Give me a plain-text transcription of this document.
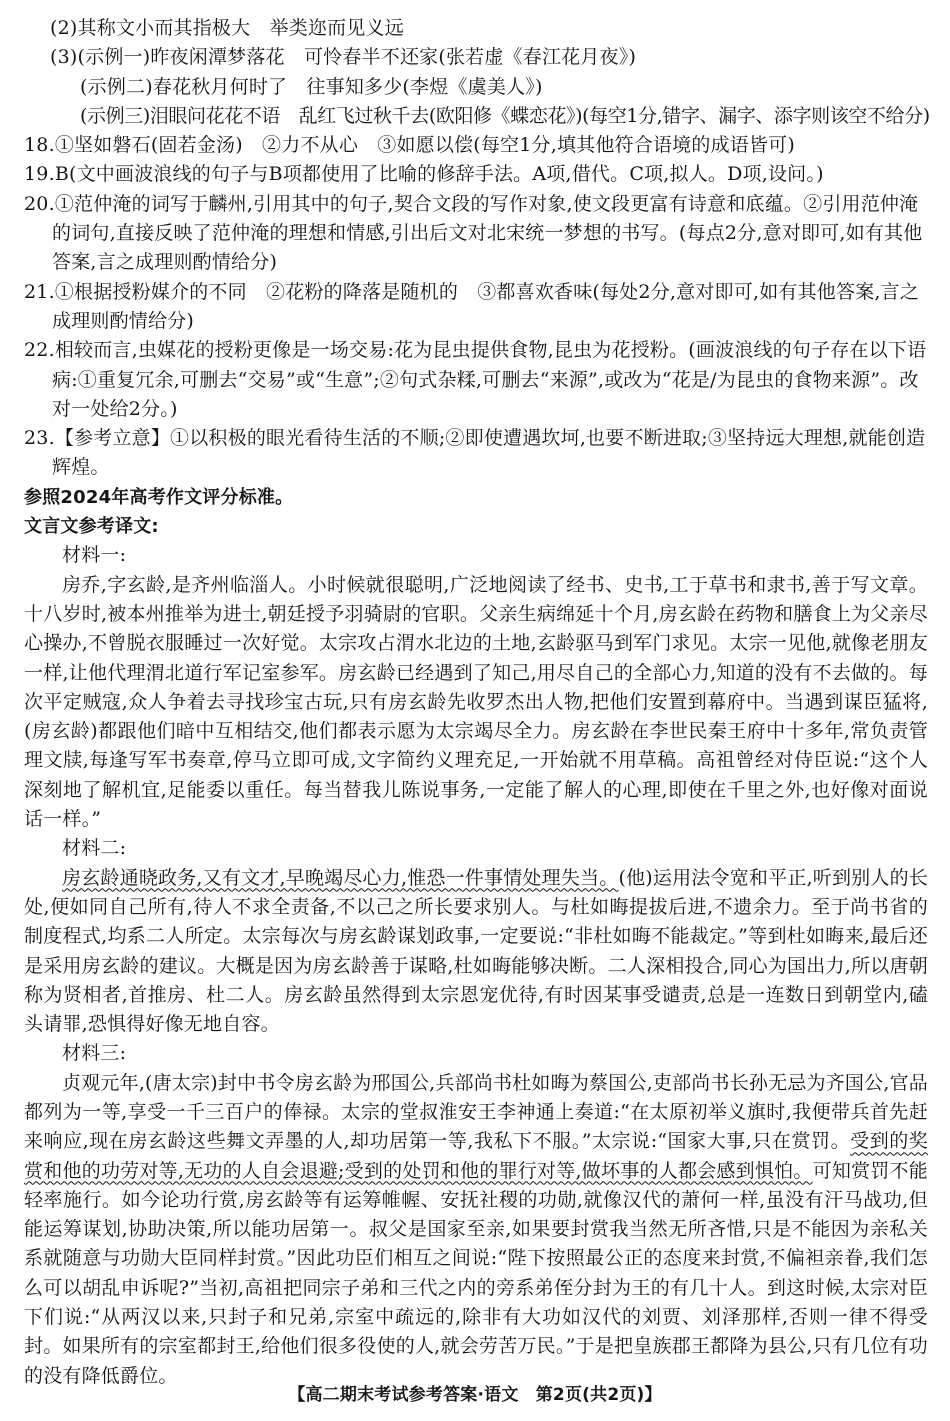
(2)其称文小而其指极大　举类迩而见义远
(3)(示例一)昨夜闲潭梦落花　可怜春半不还家(张若虚《春江花月夜》)
(示例二)春花秋月何时了　往事知多少(李煜《虞美人》)
(示例三)泪眼问花花不语　乱红飞过秋千去(欧阳修《蝶恋花》)(每空1分,错字、漏字、添字则该空不给分)
18.①坚如磐石(固若金汤)　②力不从心　③如愿以偿(每空1分,填其他符合语境的成语皆可)
19.B(文中画波浪线的句子与B项都使用了比喻的修辞手法。A项,借代。C项,拟人。D项,设问。)
20.①范仲淹的词写于麟州,引用其中的句子,契合文段的写作对象,使文段更富有诗意和底蕴。②引用范仲淹的词句,直接反映了范仲淹的理想和情感,引出后文对北宋统一梦想的书写。(每点2分,意对即可,如有其他答案,言之成理则酌情给分)
21.①根据授粉媒介的不同　②花粉的降落是随机的　③都喜欢香味(每处2分,意对即可,如有其他答案,言之成理则酌情给分)
22.相较而言,虫媒花的授粉更像是一场交易:花为昆虫提供食物,昆虫为花授粉。(画波浪线的句子存在以下语病:①重复冗余,可删去“交易”或“生意”;②句式杂糅,可删去“来源”,或改为“花是/为昆虫的食物来源”。改对一处给2分。)
23.【参考立意】①以积极的眼光看待生活的不顺;②即使遭遇坎坷,也要不断进取;③坚持远大理想,就能创造辉煌。
参照2024年高考作文评分标准。
文言文参考译文:
材料一:
房乔,字玄龄,是齐州临淄人。小时候就很聪明,广泛地阅读了经书、史书,工于草书和隶书,善于写文章。十八岁时,被本州推举为进士,朝廷授予羽骑尉的官职。父亲生病绵延十个月,房玄龄在药物和膳食上为父亲尽心操办,不曾脱衣服睡过一次好觉。太宗攻占渭水北边的土地,玄龄驱马到军门求见。太宗一见他,就像老朋友一样,让他代理渭北道行军记室参军。房玄龄已经遇到了知己,用尽自己的全部心力,知道的没有不去做的。每次平定贼寇,众人争着去寻找珍宝古玩,只有房玄龄先收罗杰出人物,把他们安置到幕府中。当遇到谋臣猛将,(房玄龄)都跟他们暗中互相结交,他们都表示愿为太宗竭尽全力。房玄龄在李世民秦王府中十多年,常负责管理文牍,每逢写军书奏章,停马立即可成,文字简约义理充足,一开始就不用草稿。高祖曾经对侍臣说:“这个人深刻地了解机宜,足能委以重任。每当替我儿陈说事务,一定能了解人的心理,即使在千里之外,也好像对面说话一样。”
材料二:
房玄龄通晓政务,又有文才,早晚竭尽心力,惟恐一件事情处理失当。(他)运用法令宽和平正,听到别人的长处,便如同自己所有,待人不求全责备,不以己之所长要求别人。与杜如晦提拔后进,不遗余力。至于尚书省的制度程式,均系二人所定。太宗每次与房玄龄谋划政事,一定要说:“非杜如晦不能裁定。”等到杜如晦来,最后还是采用房玄龄的建议。大概是因为房玄龄善于谋略,杜如晦能够决断。二人深相投合,同心为国出力,所以唐朝称为贤相者,首推房、杜二人。房玄龄虽然得到太宗恩宠优待,有时因某事受谴责,总是一连数日到朝堂内,磕头请罪,恐惧得好像无地自容。
材料三:
贞观元年,(唐太宗)封中书令房玄龄为邢国公,兵部尚书杜如晦为蔡国公,吏部尚书长孙无忌为齐国公,官品都列为一等,享受一千三百户的俸禄。太宗的堂叔淮安王李神通上奏道:“在太原初举义旗时,我便带兵首先赶来响应,现在房玄龄这些舞文弄墨的人,却功居第一等,我私下不服。”太宗说:“国家大事,只在赏罚。受到的奖赏和他的功劳对等,无功的人自会退避;受到的处罚和他的罪行对等,做坏事的人都会感到惧怕。可知赏罚不能轻率施行。如今论功行赏,房玄龄等有运筹帷幄、安抚社稷的功勋,就像汉代的萧何一样,虽没有汗马战功,但能运筹谋划,协助决策,所以能功居第一。叔父是国家至亲,如果要封赏我当然无所吝惜,只是不能因为亲私关系就随意与功勋大臣同样封赏。”因此功臣们相互之间说:“陛下按照最公正的态度来封赏,不偏袒亲眷,我们怎么可以胡乱申诉呢?”当初,高祖把同宗子弟和三代之内的旁系弟侄分封为王的有几十人。到这时候,太宗对臣下们说:“从两汉以来,只封子和兄弟,宗室中疏远的,除非有大功如汉代的刘贾、刘泽那样,否则一律不得受封。如果所有的宗室都封王,给他们很多役使的人,就会劳苦万民。”于是把皇族郡王都降为县公,只有几位有功的没有降低爵位。
【高二期末考试参考答案·语文　第2页(共2页)】
